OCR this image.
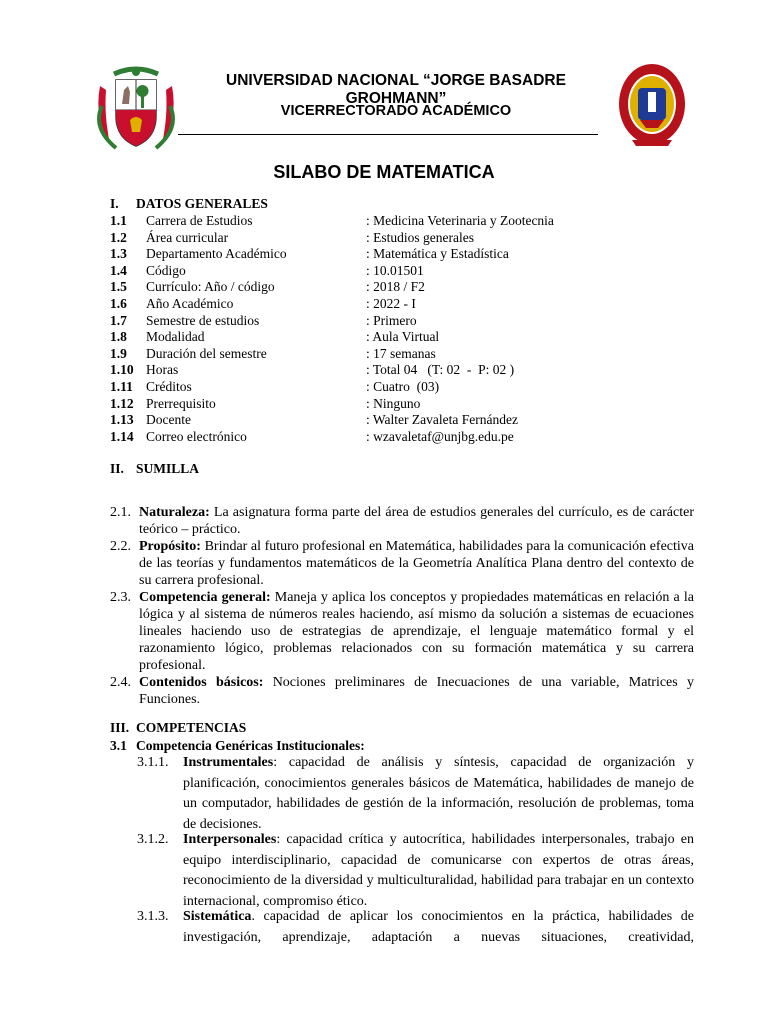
UNIVERSIDAD NACIONAL “JORGE BASADRE GROHMANN”
VICERRECTORADO ACADÉMICO
SILABO DE MATEMATICA
I. DATOS GENERALES
1.1 Carrera de Estudios	: Medicina Veterinaria y Zootecnia
1.2 Área curricular	: Estudios generales
1.3 Departamento Académico	: Matemática y Estadística
1.4 Código	: 10.01501
1.5 Currículo: Año / código	: 2018 / F2
1.6 Año Académico	: 2022 - I
1.7 Semestre de estudios	: Primero
1.8 Modalidad	: Aula Virtual
1.9 Duración del semestre	: 17 semanas
1.10 Horas	: Total 04   (T: 02  -  P: 02 )
1.11 Créditos	: Cuatro  (03)
1.12 Prerrequisito	: Ninguno
1.13 Docente	: Walter Zavaleta Fernández
1.14 Correo electrónico	: wzavaletaf@unjbg.edu.pe
II. SUMILLA
2.1. Naturaleza: La asignatura forma parte del área de estudios generales del currículo, es de carácter teórico – práctico.
2.2. Propósito: Brindar al futuro profesional en Matemática, habilidades para la comunicación efectiva de las teorías y fundamentos matemáticos de la Geometría Analítica Plana dentro del contexto de su carrera profesional.
2.3. Competencia general: Maneja y aplica los conceptos y propiedades matemáticas en relación a la lógica y al sistema de números reales haciendo, así mismo da solución a sistemas de ecuaciones lineales haciendo uso de estrategias de aprendizaje, el lenguaje matemático formal y el razonamiento lógico, problemas relacionados con su formación matemática y su carrera profesional.
2.4. Contenidos básicos: Nociones preliminares de Inecuaciones de una variable, Matrices y Funciones.
III. COMPETENCIAS
3.1 Competencia Genéricas Institucionales:
3.1.1. Instrumentales: capacidad de análisis y síntesis, capacidad de organización y planificación, conocimientos generales básicos de Matemática, habilidades de manejo de un computador, habilidades de gestión de la información, resolución de problemas, toma de decisiones.
3.1.2. Interpersonales: capacidad crítica y autocrítica, habilidades interpersonales, trabajo en equipo interdisciplinario, capacidad de comunicarse con expertos de otras áreas, reconocimiento de la diversidad y multiculturalidad, habilidad para trabajar en un contexto internacional, compromiso ético.
3.1.3. Sistemática. capacidad de aplicar los conocimientos en la práctica, habilidades de investigación, aprendizaje, adaptación a nuevas situaciones, creatividad,
